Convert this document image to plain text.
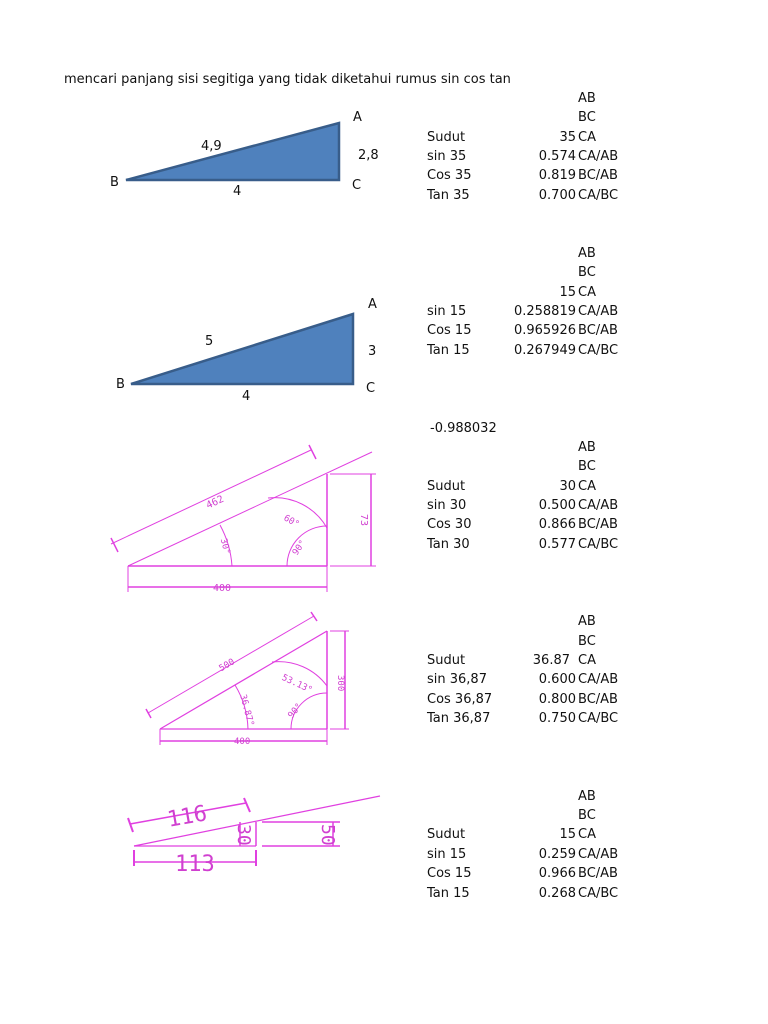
mencari panjang sisi segitiga yang tidak diketahui rumus sin cos tan
4,9
2,8
4
A
B	C
5
3
4
A
B	C
462
400
73
60°
30°	90°
500
400
300
53.13°
36.87°	90°
116
113
30	50
AB
BC
Sudut	35 CA
sin 35	0.574 CA/AB
Cos 35	0.819 BC/AB
Tan 35	0.700 CA/BC
AB
BC
15 CA
sin 15	0.258819 CA/AB
Cos 15	0.965926 BC/AB
Tan 15	0.267949 CA/BC
-0.988032
AB
BC
Sudut	30 CA
sin 30	0.500 CA/AB
Cos 30	0.866 BC/AB
Tan 30	0.577 CA/BC
AB
BC
Sudut	36.87 CA
sin 36,87	0.600 CA/AB
Cos 36,87	0.800 BC/AB
Tan 36,87	0.750 CA/BC
AB
BC
Sudut	15 CA
sin 15	0.259 CA/AB
Cos 15	0.966 BC/AB
Tan 15	0.268 CA/BC
